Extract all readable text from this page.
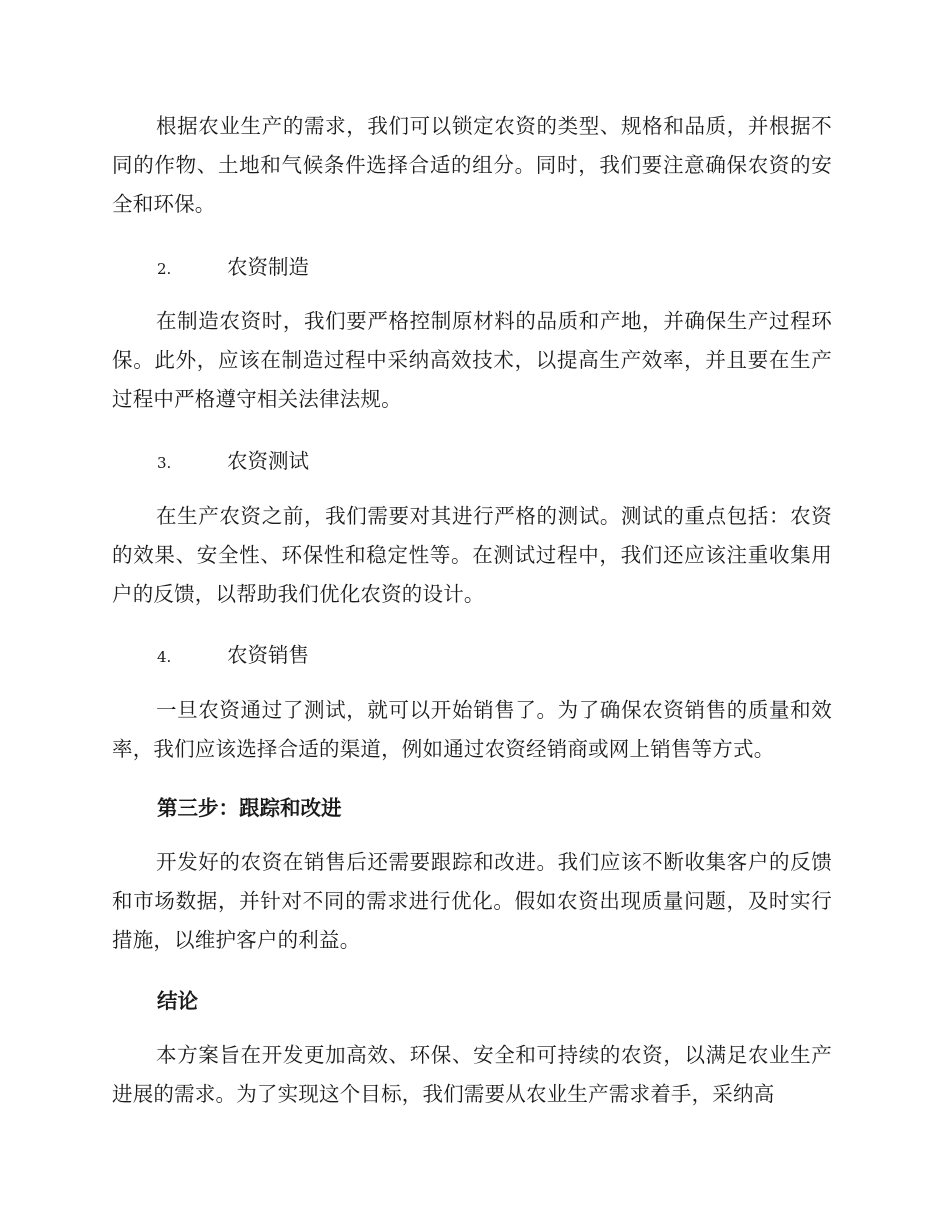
根据农业生产的需求，我们可以锁定农资的类型、规格和品质，并根据不同的作物、土地和气候条件选择合适的组分。同时，我们要注意确保农资的安全和环保。

2.	农资制造

在制造农资时，我们要严格控制原材料的品质和产地，并确保生产过程环保。此外，应该在制造过程中采纳高效技术，以提高生产效率，并且要在生产过程中严格遵守相关法律法规。

3.	农资测试

在生产农资之前，我们需要对其进行严格的测试。测试的重点包括：农资的效果、安全性、环保性和稳定性等。在测试过程中，我们还应该注重收集用户的反馈，以帮助我们优化农资的设计。

4.	农资销售

一旦农资通过了测试，就可以开始销售了。为了确保农资销售的质量和效率，我们应该选择合适的渠道，例如通过农资经销商或网上销售等方式。

第三步：跟踪和改进

开发好的农资在销售后还需要跟踪和改进。我们应该不断收集客户的反馈和市场数据，并针对不同的需求进行优化。假如农资出现质量问题，及时实行措施，以维护客户的利益。

结论

本方案旨在开发更加高效、环保、安全和可持续的农资，以满足农业生产进展的需求。为了实现这个目标，我们需要从农业生产需求着手，采纳高
